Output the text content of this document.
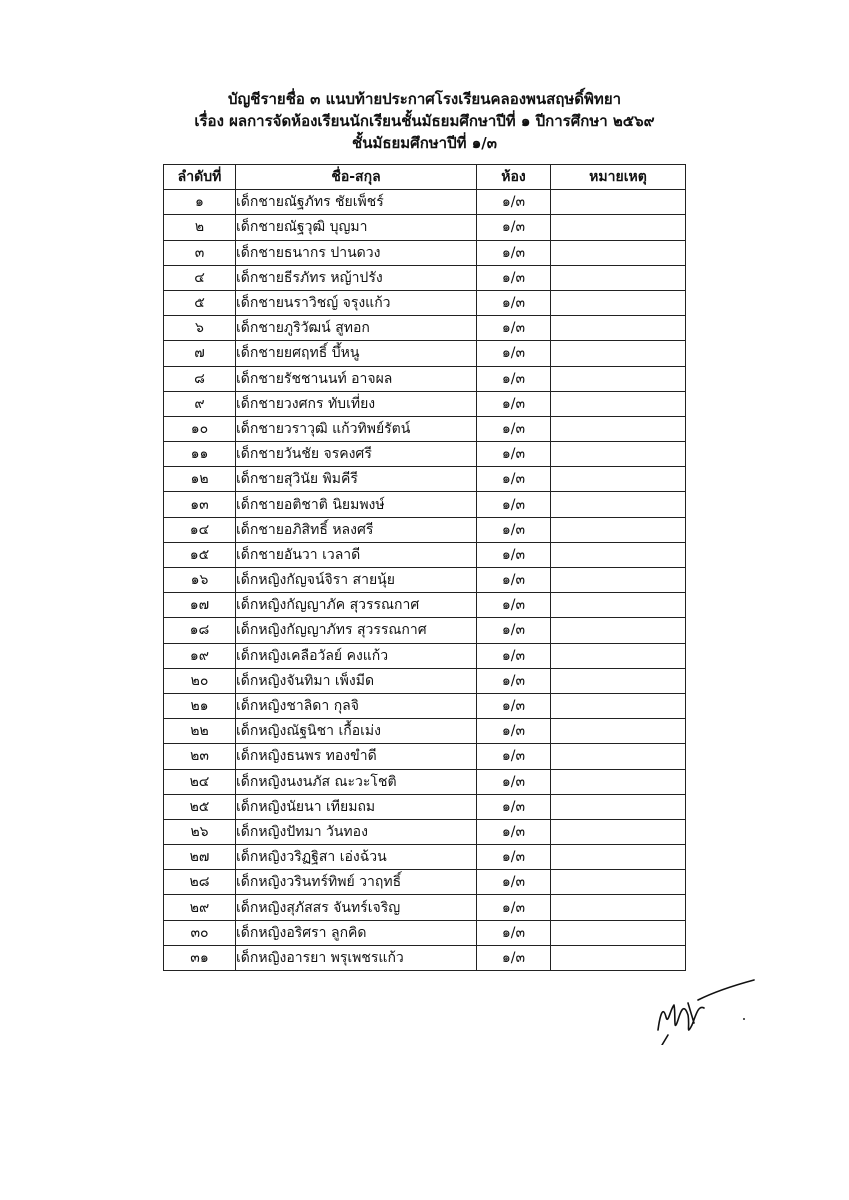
บัญชีรายชื่อ ๓ แนบท้ายประกาศโรงเรียนคลองพนสฤษดิ์พิทยา
เรื่อง ผลการจัดห้องเรียนนักเรียนชั้นมัธยมศึกษาปีที่ ๑ ปีการศึกษา ๒๕๖๙
ชั้นมัธยมศึกษาปีที่ ๑/๓
ลำดับที่	ชื่อ-สกุล	ห้อง	หมายเหตุ
๑	เด็กชายณัฐภัทร ชัยเพ็ชร์	๑/๓	
๒	เด็กชายณัฐวุฒิ บุญมา	๑/๓	
๓	เด็กชายธนากร ปานดวง	๑/๓	
๔	เด็กชายธีรภัทร หญ้าปรัง	๑/๓	
๕	เด็กชายนราวิชญ์ จรุงแก้ว	๑/๓	
๖	เด็กชายภูริวัฒน์ สูทอก	๑/๓	
๗	เด็กชายยศฤทธิ์ บึ้หนู	๑/๓	
๘	เด็กชายรัชชานนท์ อาจผล	๑/๓	
๙	เด็กชายวงศกร ทับเที่ยง	๑/๓	
๑๐	เด็กชายวราวุฒิ แก้วทิพย์รัตน์	๑/๓	
๑๑	เด็กชายวันชัย จรคงศรี	๑/๓	
๑๒	เด็กชายสุวินัย พิมคีรี	๑/๓	
๑๓	เด็กชายอติชาติ นิยมพงษ์	๑/๓	
๑๔	เด็กชายอภิสิทธิ์ หลงศรี	๑/๓	
๑๕	เด็กชายอันวา เวลาดี	๑/๓	
๑๖	เด็กหญิงกัญจน์จิรา สายนุ้ย	๑/๓	
๑๗	เด็กหญิงกัญญาภัค สุวรรณกาศ	๑/๓	
๑๘	เด็กหญิงกัญญาภัทร สุวรรณกาศ	๑/๓	
๑๙	เด็กหญิงเคลือวัลย์ คงแก้ว	๑/๓	
๒๐	เด็กหญิงจันทิมา เพ็งมีด	๑/๓	
๒๑	เด็กหญิงชาลิดา กุลจิ	๑/๓	
๒๒	เด็กหญิงณัฐนิชา เกื้อเม่ง	๑/๓	
๒๓	เด็กหญิงธนพร ทองขำดี	๑/๓	
๒๔	เด็กหญิงนงนภัส ณะวะโชติ	๑/๓	
๒๕	เด็กหญิงนัยนา เทียมถม	๑/๓	
๒๖	เด็กหญิงปัทมา วันทอง	๑/๓	
๒๗	เด็กหญิงวริฏฐิสา เอ่งฉ้วน	๑/๓	
๒๘	เด็กหญิงวรินทร์ทิพย์ วาฤทธิ์	๑/๓	
๒๙	เด็กหญิงสุภัสสร จันทร์เจริญ	๑/๓	
๓๐	เด็กหญิงอริศรา ลูกคิด	๑/๓	
๓๑	เด็กหญิงอารยา พรุเพชรแก้ว	๑/๓	
